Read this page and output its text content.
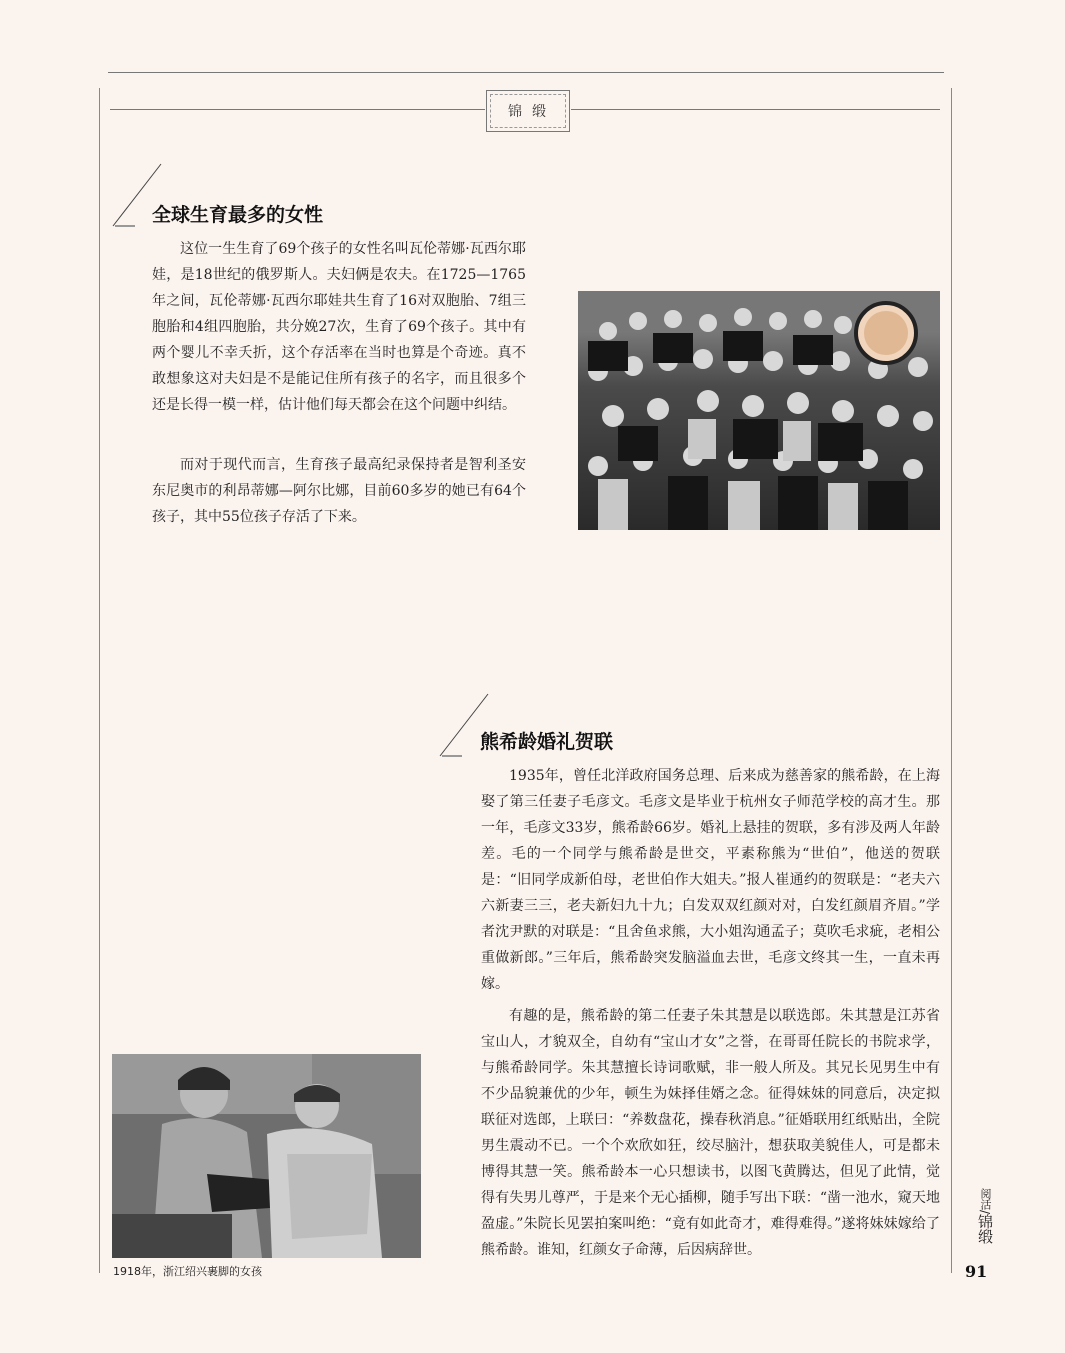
锦缎
全球生育最多的女性

这位一生生育了69个孩子的女性名叫瓦伦蒂娜·瓦西尔耶娃，是18世纪的俄罗斯人。夫妇俩是农夫。在1725—1765年之间，瓦伦蒂娜·瓦西尔耶娃共生育了16对双胞胎、7组三胞胎和4组四胞胎，共分娩27次，生育了69个孩子。其中有两个婴儿不幸夭折，这个存活率在当时也算是个奇迹。真不敢想象这对夫妇是不是能记住所有孩子的名字，而且很多个还是长得一模一样，估计他们每天都会在这个问题中纠结。

而对于现代而言，生育孩子最高纪录保持者是智利圣安东尼奥市的利昂蒂娜—阿尔比娜，目前60多岁的她已有64个孩子，其中55位孩子存活了下来。

熊希龄婚礼贺联

1935年，曾任北洋政府国务总理、后来成为慈善家的熊希龄，在上海娶了第三任妻子毛彦文。毛彦文是毕业于杭州女子师范学校的高才生。那一年，毛彦文33岁，熊希龄66岁。婚礼上悬挂的贺联，多有涉及两人年龄差。毛的一个同学与熊希龄是世交，平素称熊为“世伯”，他送的贺联是：“旧同学成新伯母，老世伯作大姐夫。”报人崔通约的贺联是：“老夫六六新妻三三，老夫新妇九十九；白发双双红颜对对，白发红颜眉齐眉。”学者沈尹默的对联是：“且舍鱼求熊，大小姐沟通孟子；莫吹毛求疵，老相公重做新郎。”三年后，熊希龄突发脑溢血去世，毛彦文终其一生，一直未再嫁。

有趣的是，熊希龄的第二任妻子朱其慧是以联选郎。朱其慧是江苏省宝山人，才貌双全，自幼有“宝山才女”之誉，在哥哥任院长的书院求学，与熊希龄同学。朱其慧擅长诗词歌赋，非一般人所及。其兄长见男生中有不少品貌兼优的少年，顿生为妹择佳婿之念。征得妹妹的同意后，决定拟联征对选郎，上联曰：“养数盘花，操春秋消息。”征婚联用红纸贴出，全院男生震动不已。一个个欢欣如狂，绞尽脑汁，想获取美貌佳人，可是都未博得其慧一笑。熊希龄本一心只想读书，以图飞黄腾达，但见了此情，觉得有失男儿尊严，于是来个无心插柳，随手写出下联：“凿一池水，窥天地盈虚。”朱院长见罢拍案叫绝：“竟有如此奇才，难得难得。”遂将妹妹嫁给了熊希龄。谁知，红颜女子命薄，后因病辞世。

1918年，浙江绍兴裹脚的女孩

阅活/锦缎
91
